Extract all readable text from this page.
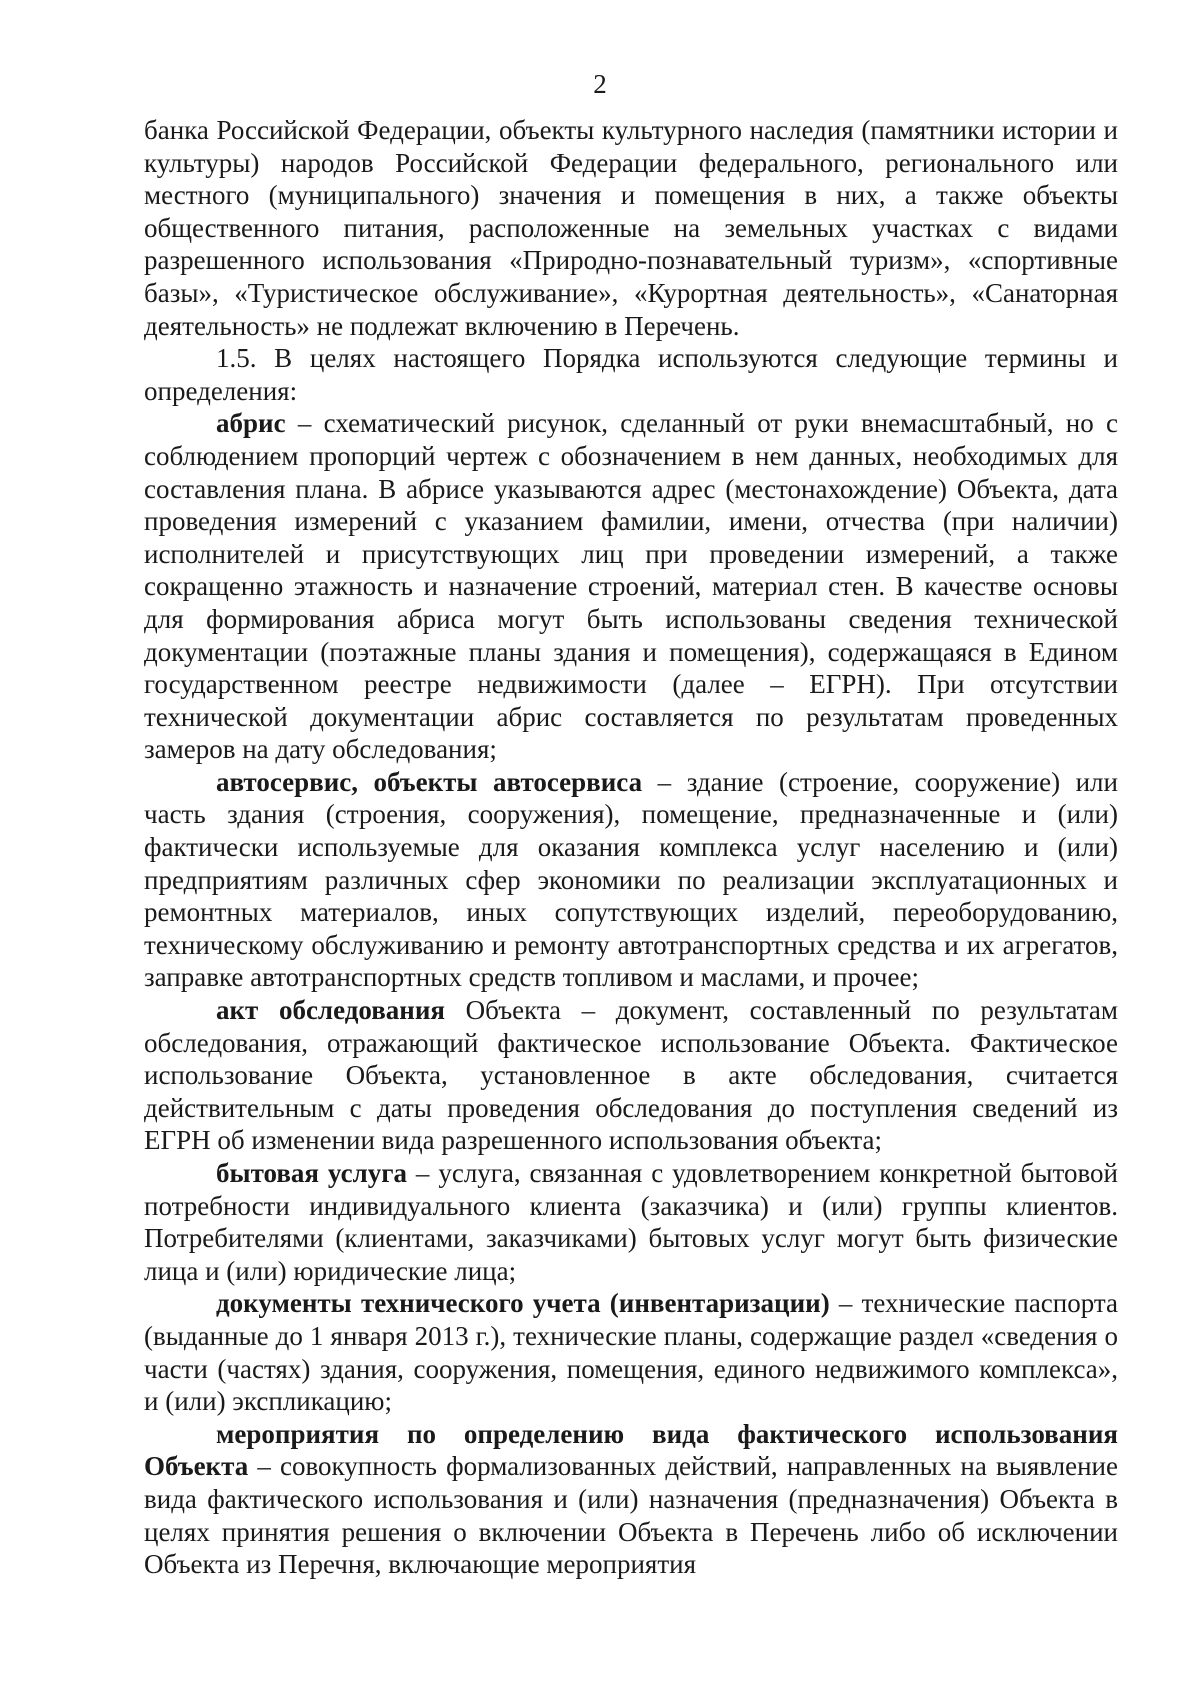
2

банка Российской Федерации, объекты культурного наследия (памятники истории и культуры) народов Российской Федерации федерального, регионального или местного (муниципального) значения и помещения в них, а также объекты общественного питания, расположенные на земельных участках с видами разрешенного использования «Природно-познавательный туризм», «спортивные базы», «Туристическое обслуживание», «Курортная деятельность», «Санаторная деятельность» не подлежат включению в Перечень.

1.5. В целях настоящего Порядка используются следующие термины и определения:

абрис – схематический рисунок, сделанный от руки внемасштабный, но с соблюдением пропорций чертеж с обозначением в нем данных, необходимых для составления плана. В абрисе указываются адрес (местонахождение) Объекта, дата проведения измерений с указанием фамилии, имени, отчества (при наличии) исполнителей и присутствующих лиц при проведении измерений, а также сокращенно этажность и назначение строений, материал стен. В качестве основы для формирования абриса могут быть использованы сведения технической документации (поэтажные планы здания и помещения), содержащаяся в Едином государственном реестре недвижимости (далее – ЕГРН). При отсутствии технической документации абрис составляется по результатам проведенных замеров на дату обследования;

автосервис, объекты автосервиса – здание (строение, сооружение) или часть здания (строения, сооружения), помещение, предназначенные и (или) фактически используемые для оказания комплекса услуг населению и (или) предприятиям различных сфер экономики по реализации эксплуатационных и ремонтных материалов, иных сопутствующих изделий, переоборудованию, техническому обслуживанию и ремонту автотранспортных средства и их агрегатов, заправке автотранспортных средств топливом и маслами, и прочее;

акт обследования Объекта – документ, составленный по результатам обследования, отражающий фактическое использование Объекта. Фактическое использование Объекта, установленное в акте обследования, считается действительным с даты проведения обследования до поступления сведений из ЕГРН об изменении вида разрешенного использования объекта;

бытовая услуга – услуга, связанная с удовлетворением конкретной бытовой потребности индивидуального клиента (заказчика) и (или) группы клиентов. Потребителями (клиентами, заказчиками) бытовых услуг могут быть физические лица и (или) юридические лица;

документы технического учета (инвентаризации) – технические паспорта (выданные до 1 января 2013 г.), технические планы, содержащие раздел «сведения о части (частях) здания, сооружения, помещения, единого недвижимого комплекса», и (или) экспликацию;

мероприятия по определению вида фактического использования Объекта – совокупность формализованных действий, направленных на выявление вида фактического использования и (или) назначения (предназначения) Объекта в целях принятия решения о включении Объекта в Перечень либо об исключении Объекта из Перечня, включающие мероприятия
